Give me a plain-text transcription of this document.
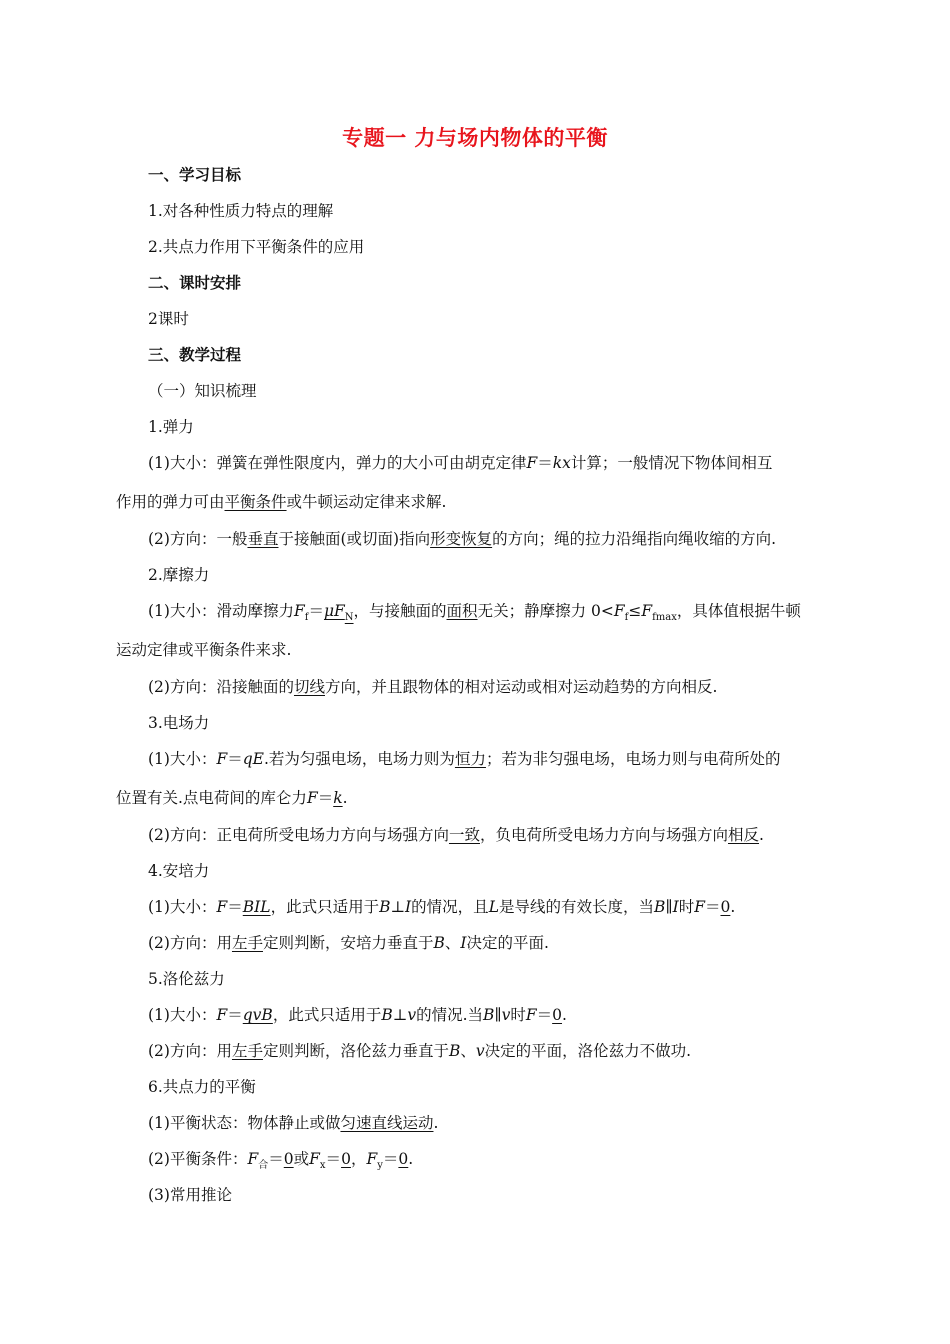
专题一 力与场内物体的平衡
一、学习目标
1.对各种性质力特点的理解
2.共点力作用下平衡条件的应用
二、课时安排
2课时
三、教学过程
（一）知识梳理
1.弹力
(1)大小：弹簧在弹性限度内，弹力的大小可由胡克定律F＝kx计算；一般情况下物体间相互
作用的弹力可由平衡条件或牛顿运动定律来求解.
(2)方向：一般垂直于接触面(或切面)指向形变恢复的方向；绳的拉力沿绳指向绳收缩的方向.
2.摩擦力
(1)大小：滑动摩擦力$F_f=\mu F_N$，与接触面的面积无关；静摩擦力 $0<F_f\le F_{fmax}$，具体值根据牛顿
运动定律或平衡条件来求.
(2)方向：沿接触面的切线方向，并且跟物体的相对运动或相对运动趋势的方向相反.
3.电场力
(1)大小：F＝qE.若为匀强电场，电场力则为恒力；若为非匀强电场，电场力则与电荷所处的
位置有关.点电荷间的库仑力F＝k.
(2)方向：正电荷所受电场力方向与场强方向一致，负电荷所受电场力方向与场强方向相反.
4.安培力
(1)大小：F＝BIL，此式只适用于B⊥I的情况，且L是导线的有效长度，当B∥I时F＝0.
(2)方向：用左手定则判断，安培力垂直于B、I决定的平面.
5.洛伦兹力
(1)大小：F＝qvB，此式只适用于B⊥v的情况.当B∥v时F＝0.
(2)方向：用左手定则判断，洛伦兹力垂直于B、v决定的平面，洛伦兹力不做功.
6.共点力的平衡
(1)平衡状态：物体静止或做匀速直线运动.
(2)平衡条件：$F_合=0$或$F_x=0$，$F_y=0$.
(3)常用推论
